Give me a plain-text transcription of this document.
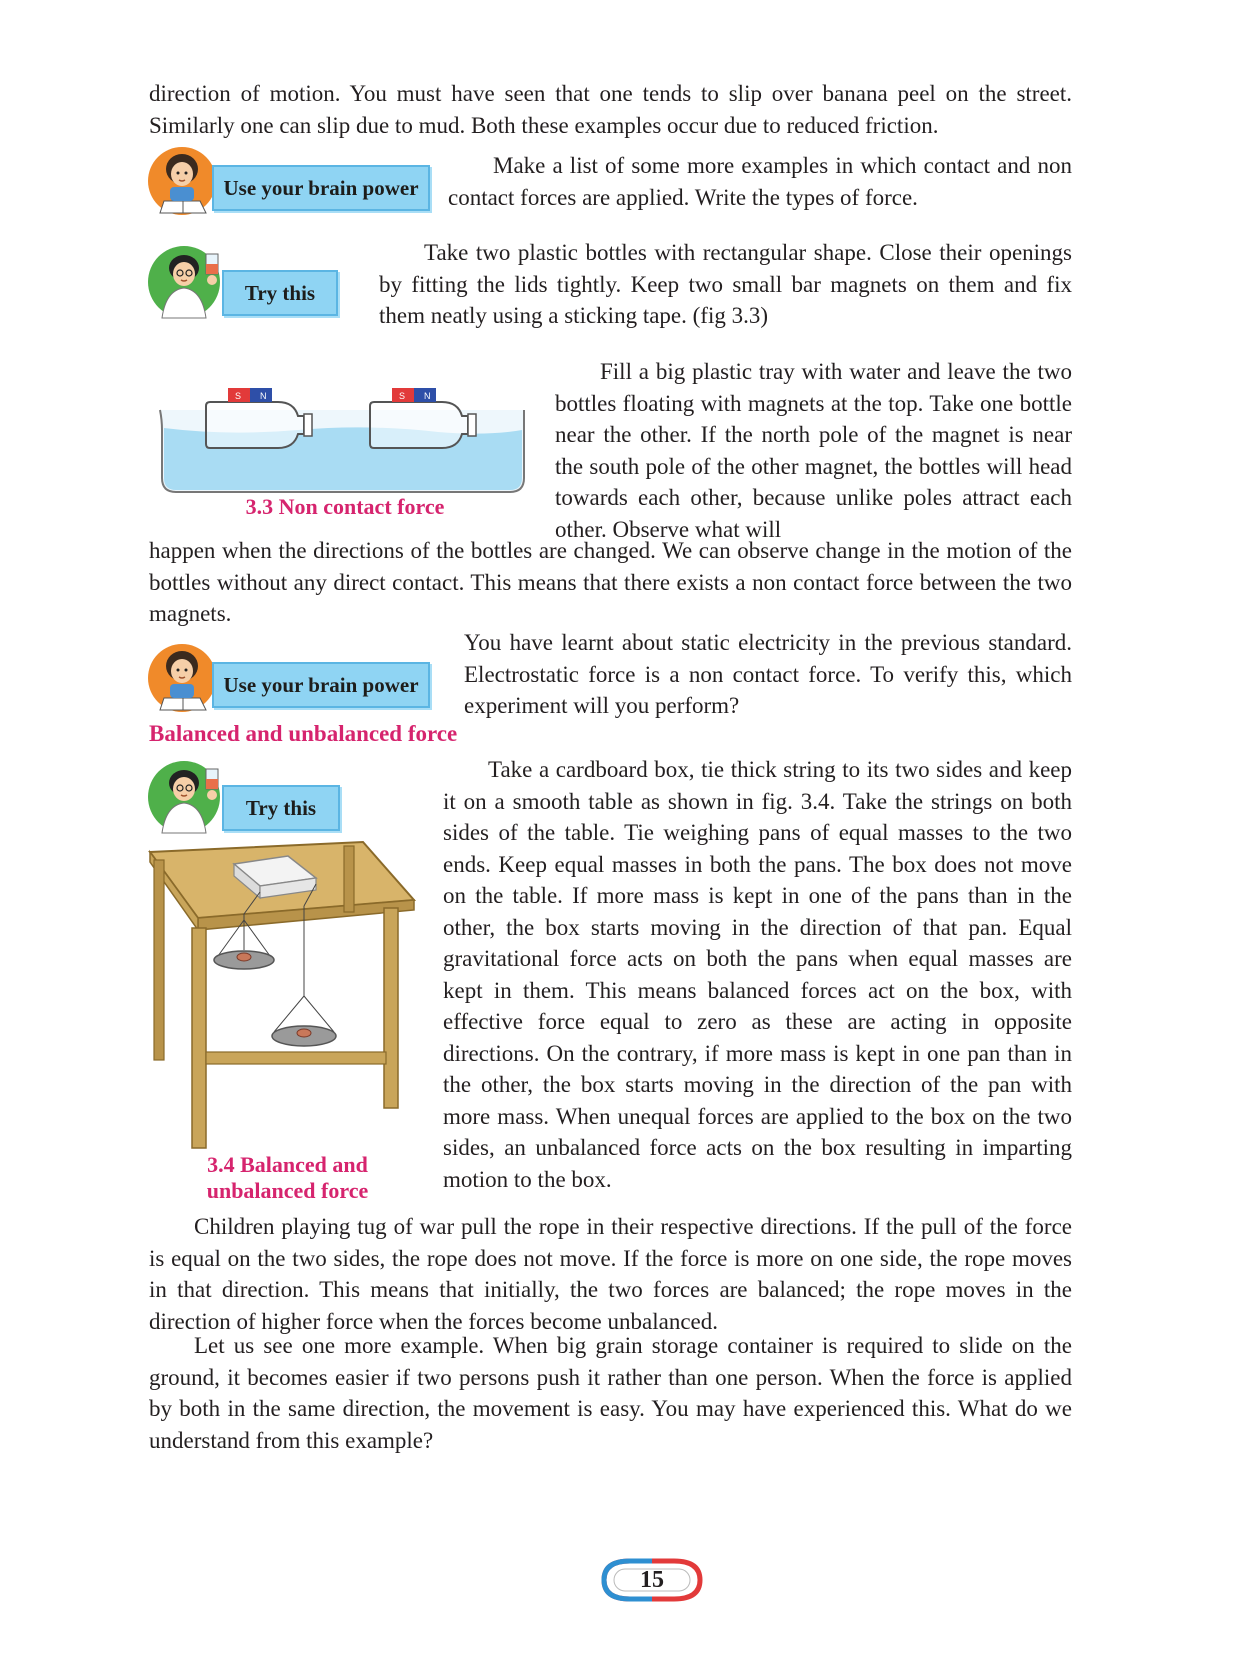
direction of motion. You must have seen that one tends to slip over banana peel on the street. Similarly one can slip due to mud. Both these examples occur due to reduced friction.

Use your brain power

Make a list of some more examples in which contact and non contact forces are applied. Write the types of force.

Try this

Take two plastic bottles with rectangular shape. Close their openings by fitting the lids tightly. Keep two small bar magnets on them and fix them neatly using a sticking tape. (fig 3.3)

S N	S N
3.3 Non contact force

Fill a big plastic tray with water and leave the two bottles floating with magnets at the top. Take one bottle near the other. If the north pole of the magnet is near the south pole of the other magnet, the bottles will head towards each other, because unlike poles attract each other. Observe what will

happen when the directions of the bottles are changed. We can observe change in the motion of the bottles without any direct contact. This means that there exists a non contact force between the two magnets.

Use your brain power

You have learnt about static electricity in the previous standard. Electrostatic force is a non contact force. To verify this, which experiment will you perform?

Balanced and unbalanced force
Try this
3.4 Balanced and
unbalanced force

Take a cardboard box, tie thick string to its two sides and keep it on a smooth table as shown in fig. 3.4. Take the strings on both sides of the table. Tie weighing pans of equal masses to the two ends. Keep equal masses in both the pans. The box does not move on the table. If more mass is kept in one of the pans than in the other, the box starts moving in the direction of that pan. Equal gravitational force acts on both the pans when equal masses are kept in them. This means balanced forces act on the box, with effective force equal to zero as these are acting in opposite directions. On the contrary, if more mass is kept in one pan than in the other, the box starts moving in the direction of the pan with more mass. When unequal forces are applied to the box on the two sides, an unbalanced force acts on the box resulting in imparting motion to the box.

Children playing tug of war pull the rope in their respective directions. If the pull of the force is equal on the two sides, the rope does not move. If the force is more on one side, the rope moves in that direction. This means that initially, the two forces are balanced; the rope moves in the direction of higher force when the forces become unbalanced.

Let us see one more example. When big grain storage container is required to slide on the ground, it becomes easier if two persons push it rather than one person. When the force is applied by both in the same direction, the movement is easy. You may have experienced this. What do we understand from this example?

15
